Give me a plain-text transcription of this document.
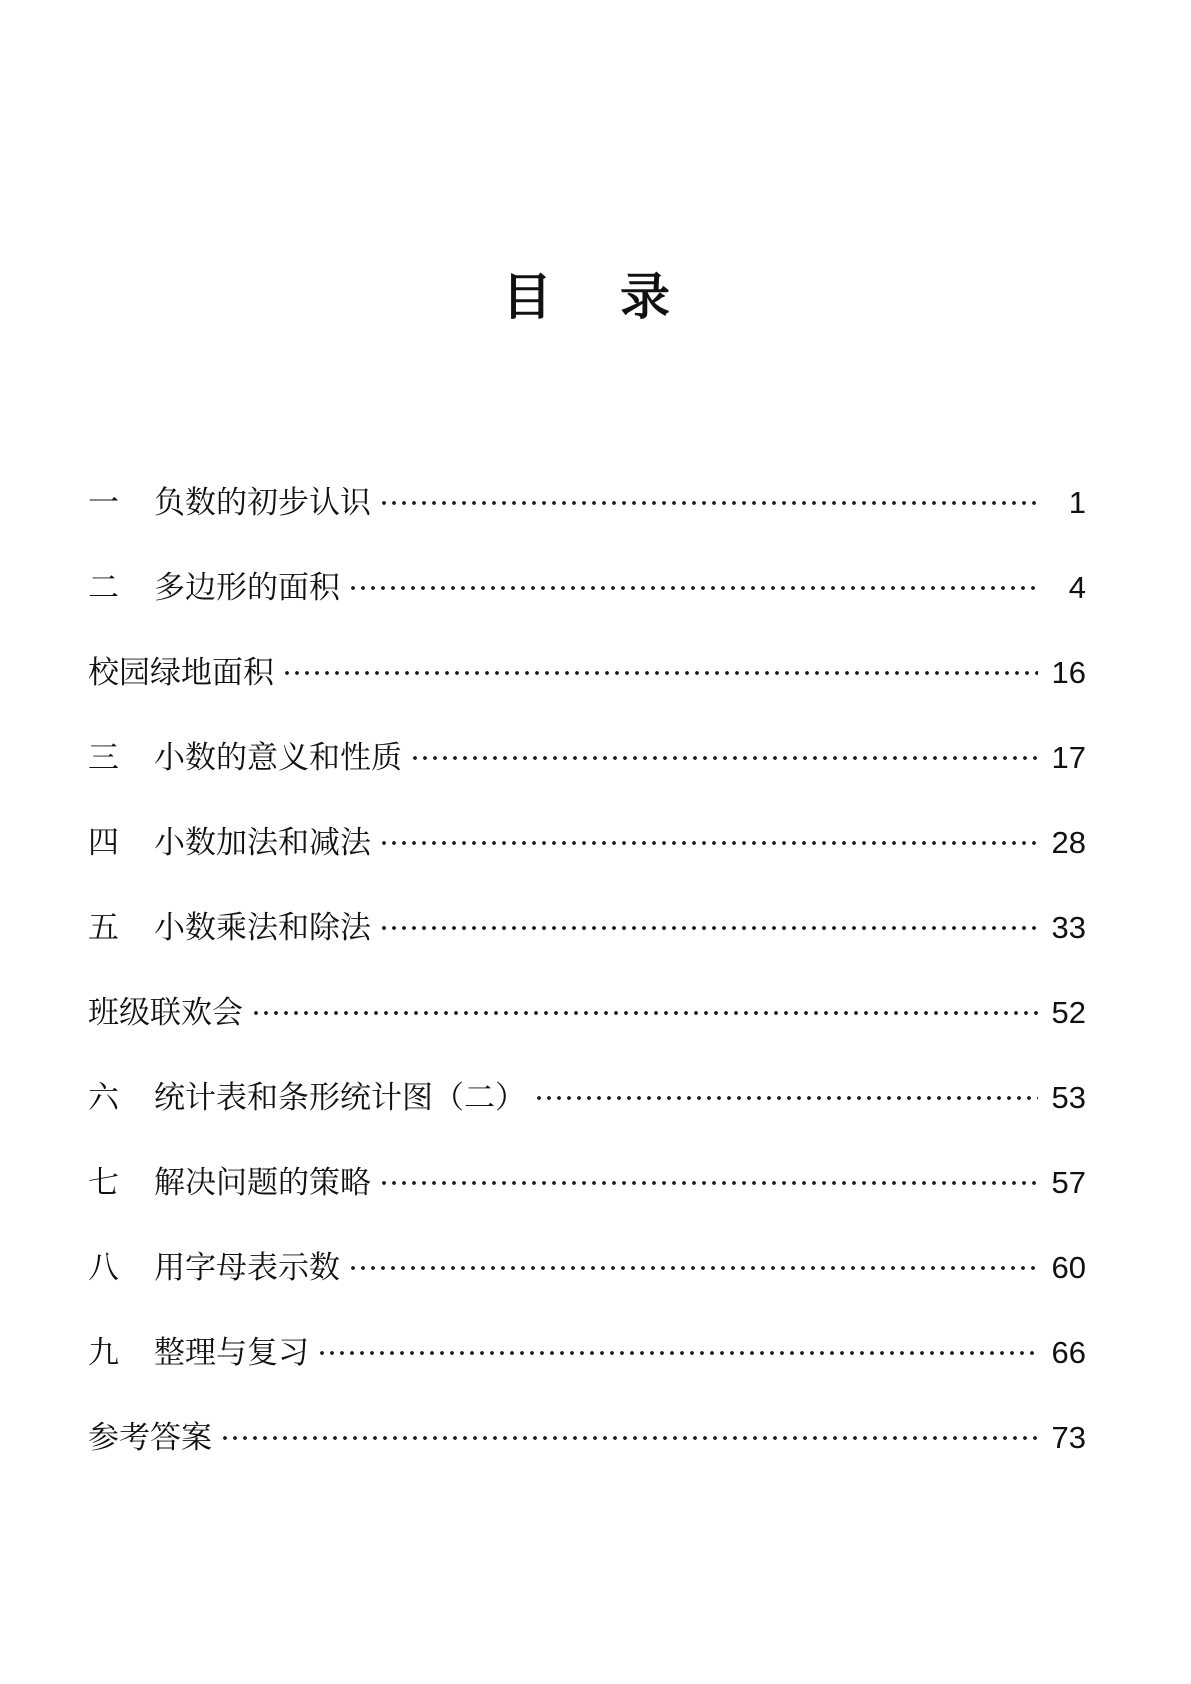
目 录
一	负数的初步认识	1
二	多边形的面积	4
校园绿地面积	16
三	小数的意义和性质	17
四	小数加法和减法	28
五	小数乘法和除法	33
班级联欢会	52
六	统计表和条形统计图（二）	53
七	解决问题的策略	57
八	用字母表示数	60
九	整理与复习	66
参考答案	73
